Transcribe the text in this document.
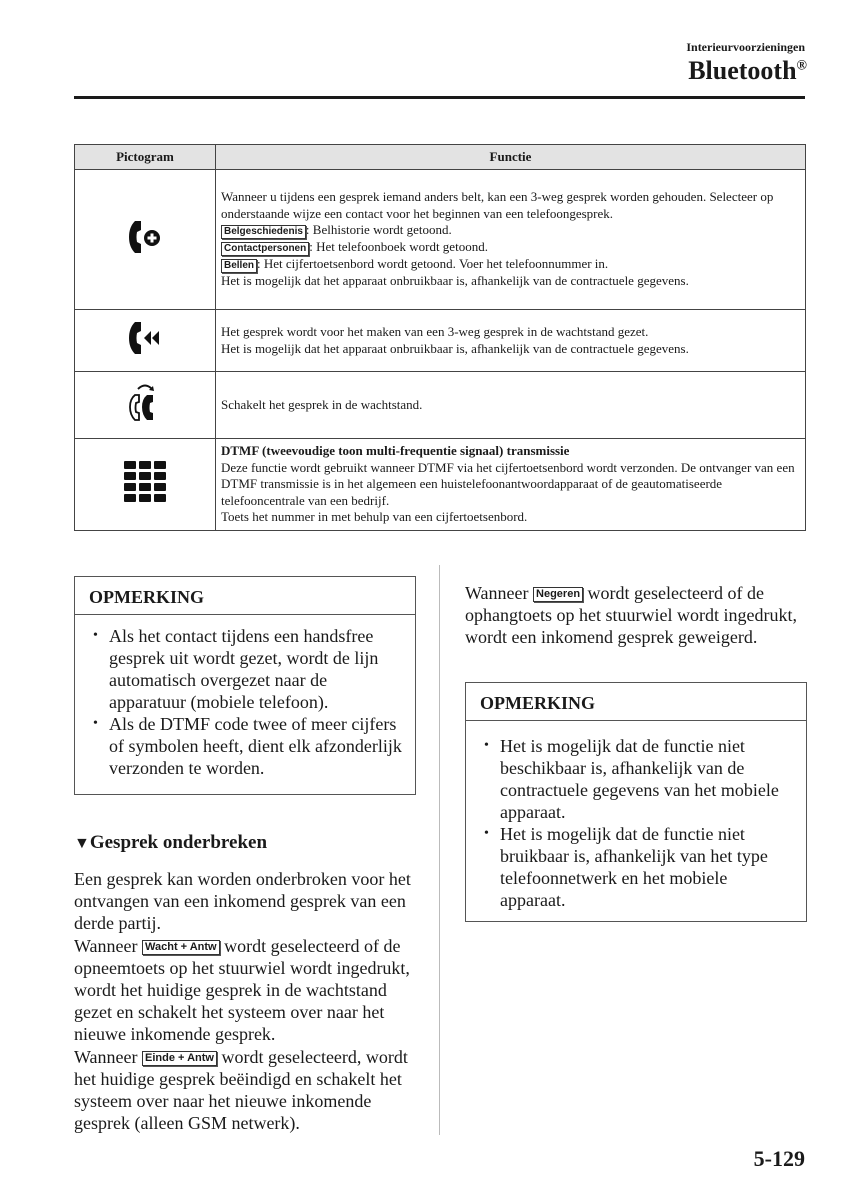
Interieurvoorzieningen
Bluetooth®
Pictogram	Functie

Wanneer u tijdens een gesprek iemand anders belt, kan een 3-weg gesprek worden gehouden. Selecteer op onderstaande wijze een contact voor het beginnen van een telefoongesprek.
Belgeschiedenis : Belhistorie wordt getoond.
Contactpersonen : Het telefoonboek wordt getoond.
Bellen : Het cijfertoetsenbord wordt getoond. Voer het telefoonnummer in.
Het is mogelijk dat het apparaat onbruikbaar is, afhankelijk van de contractuele gegevens.

Het gesprek wordt voor het maken van een 3-weg gesprek in de wachtstand gezet.
Het is mogelijk dat het apparaat onbruikbaar is, afhankelijk van de contractuele gegevens.

Schakelt het gesprek in de wachtstand.

DTMF (tweevoudige toon multi-frequentie signaal) transmissie
Deze functie wordt gebruikt wanneer DTMF via het cijfertoetsenbord wordt verzonden. De ontvanger van een DTMF transmissie is in het algemeen een huistelefoonantwoordapparaat of de geautomatiseerde telefooncentrale van een bedrijf.
Toets het nummer in met behulp van een cijfertoetsenbord.
OPMERKING
• Als het contact tijdens een handsfree gesprek uit wordt gezet, wordt de lijn automatisch overgezet naar de apparatuur (mobiele telefoon).
• Als de DTMF code twee of meer cijfers of symbolen heeft, dient elk afzonderlijk verzonden te worden.
▼Gesprek onderbreken

Een gesprek kan worden onderbroken voor het ontvangen van een inkomend gesprek van een derde partij.
Wanneer Wacht + Antw wordt geselecteerd of de opneemtoets op het stuurwiel wordt ingedrukt, wordt het huidige gesprek in de wachtstand gezet en schakelt het systeem over naar het nieuwe inkomende gesprek.
Wanneer Einde + Antw wordt geselecteerd, wordt het huidige gesprek beëindigd en schakelt het systeem over naar het nieuwe inkomende gesprek (alleen GSM netwerk).

Wanneer Negeren wordt geselecteerd of de ophangtoets op het stuurwiel wordt ingedrukt, wordt een inkomend gesprek geweigerd.

OPMERKING
• Het is mogelijk dat de functie niet beschikbaar is, afhankelijk van de contractuele gegevens van het mobiele apparaat.
• Het is mogelijk dat de functie niet bruikbaar is, afhankelijk van het type telefoonnetwerk en het mobiele apparaat.
5-129
